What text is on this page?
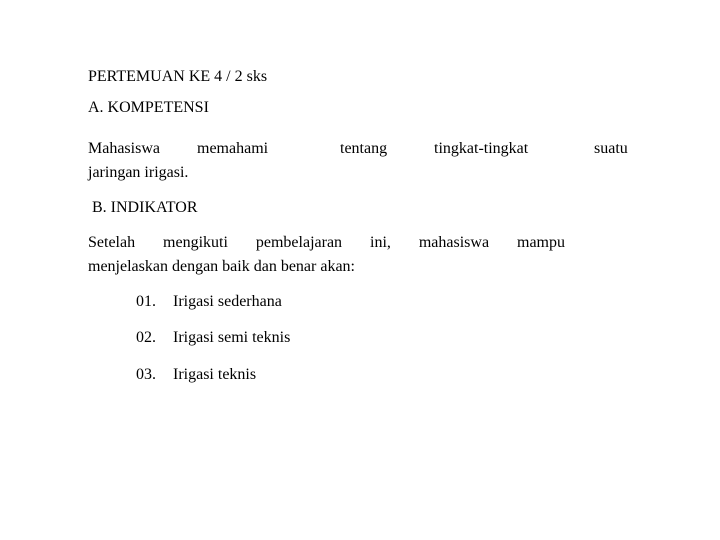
PERTEMUAN KE 4 / 2 sks
A. KOMPETENSI
Mahasiswa memahami	tentang	tingkat-tingkat	suatu
jaringan irigasi.
B. INDIKATOR
Setelah mengikuti pembelajaran ini, mahasiswa mampu
menjelaskan dengan baik dan benar akan:
01. Irigasi sederhana
02. Irigasi semi teknis
03. Irigasi teknis
